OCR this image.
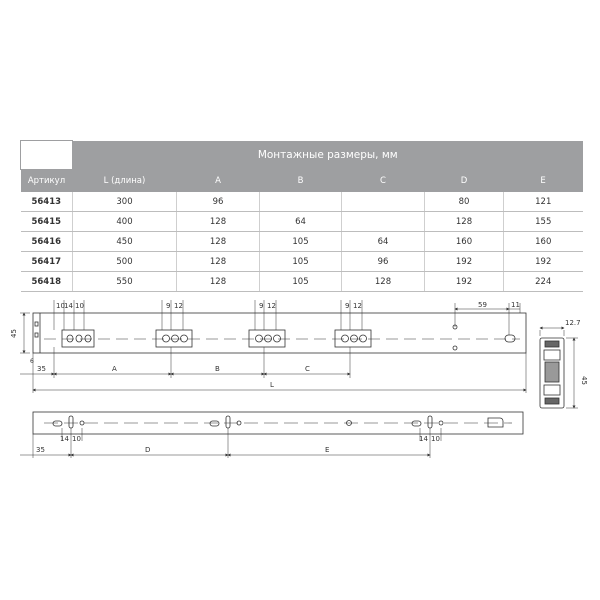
	Монтажные размеры, мм					
Артикул	L (длина)	A	B	C	D	E
56413	300	96			80	121
56415	400	128	64		128	155
56416	450	128	105	64	160	160
56417	500	128	105	96	192	192
56418	550	128	105	128	192	224
10 14 10	9 12	9 12	9 12	59	11
45
6
35	A	B	C
L
12.7
45
14 10	14 10
35	D	E
